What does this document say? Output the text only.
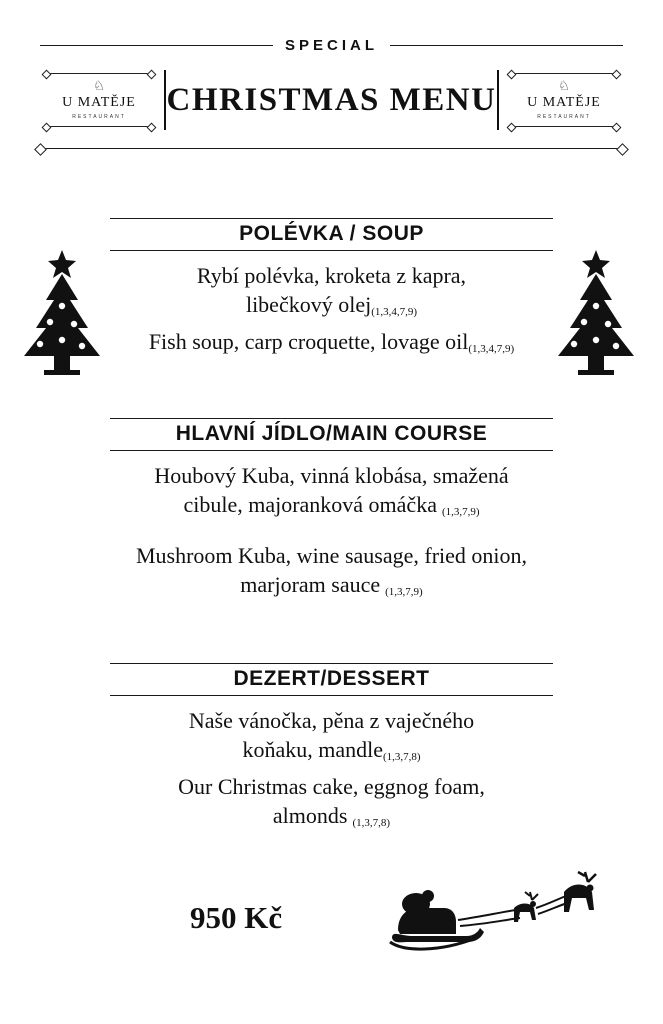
SPECIAL
♘
U MATĚJE
RESTAURANT CHRISTMAS MENU	♘
U MATĚJE
RESTAURANT
POLÉVKA / SOUP
Rybí polévka, kroketa z kapra,
libečkový olej(1,3,4,7,9)
Fish soup, carp croquette, lovage oil(1,3,4,7,9)
HLAVNÍ JÍDLO/MAIN COURSE
Houbový Kuba, vinná klobása, smažená
cibule, majoranková omáčka (1,3,7,9)
Mushroom Kuba, wine sausage, fried onion,
marjoram sauce (1,3,7,9)
DEZERT/DESSERT
Naše vánočka, pěna z vaječného
koňaku, mandle(1,3,7,8)
Our Christmas cake, eggnog foam,
almonds (1,3,7,8)
950 Kč
